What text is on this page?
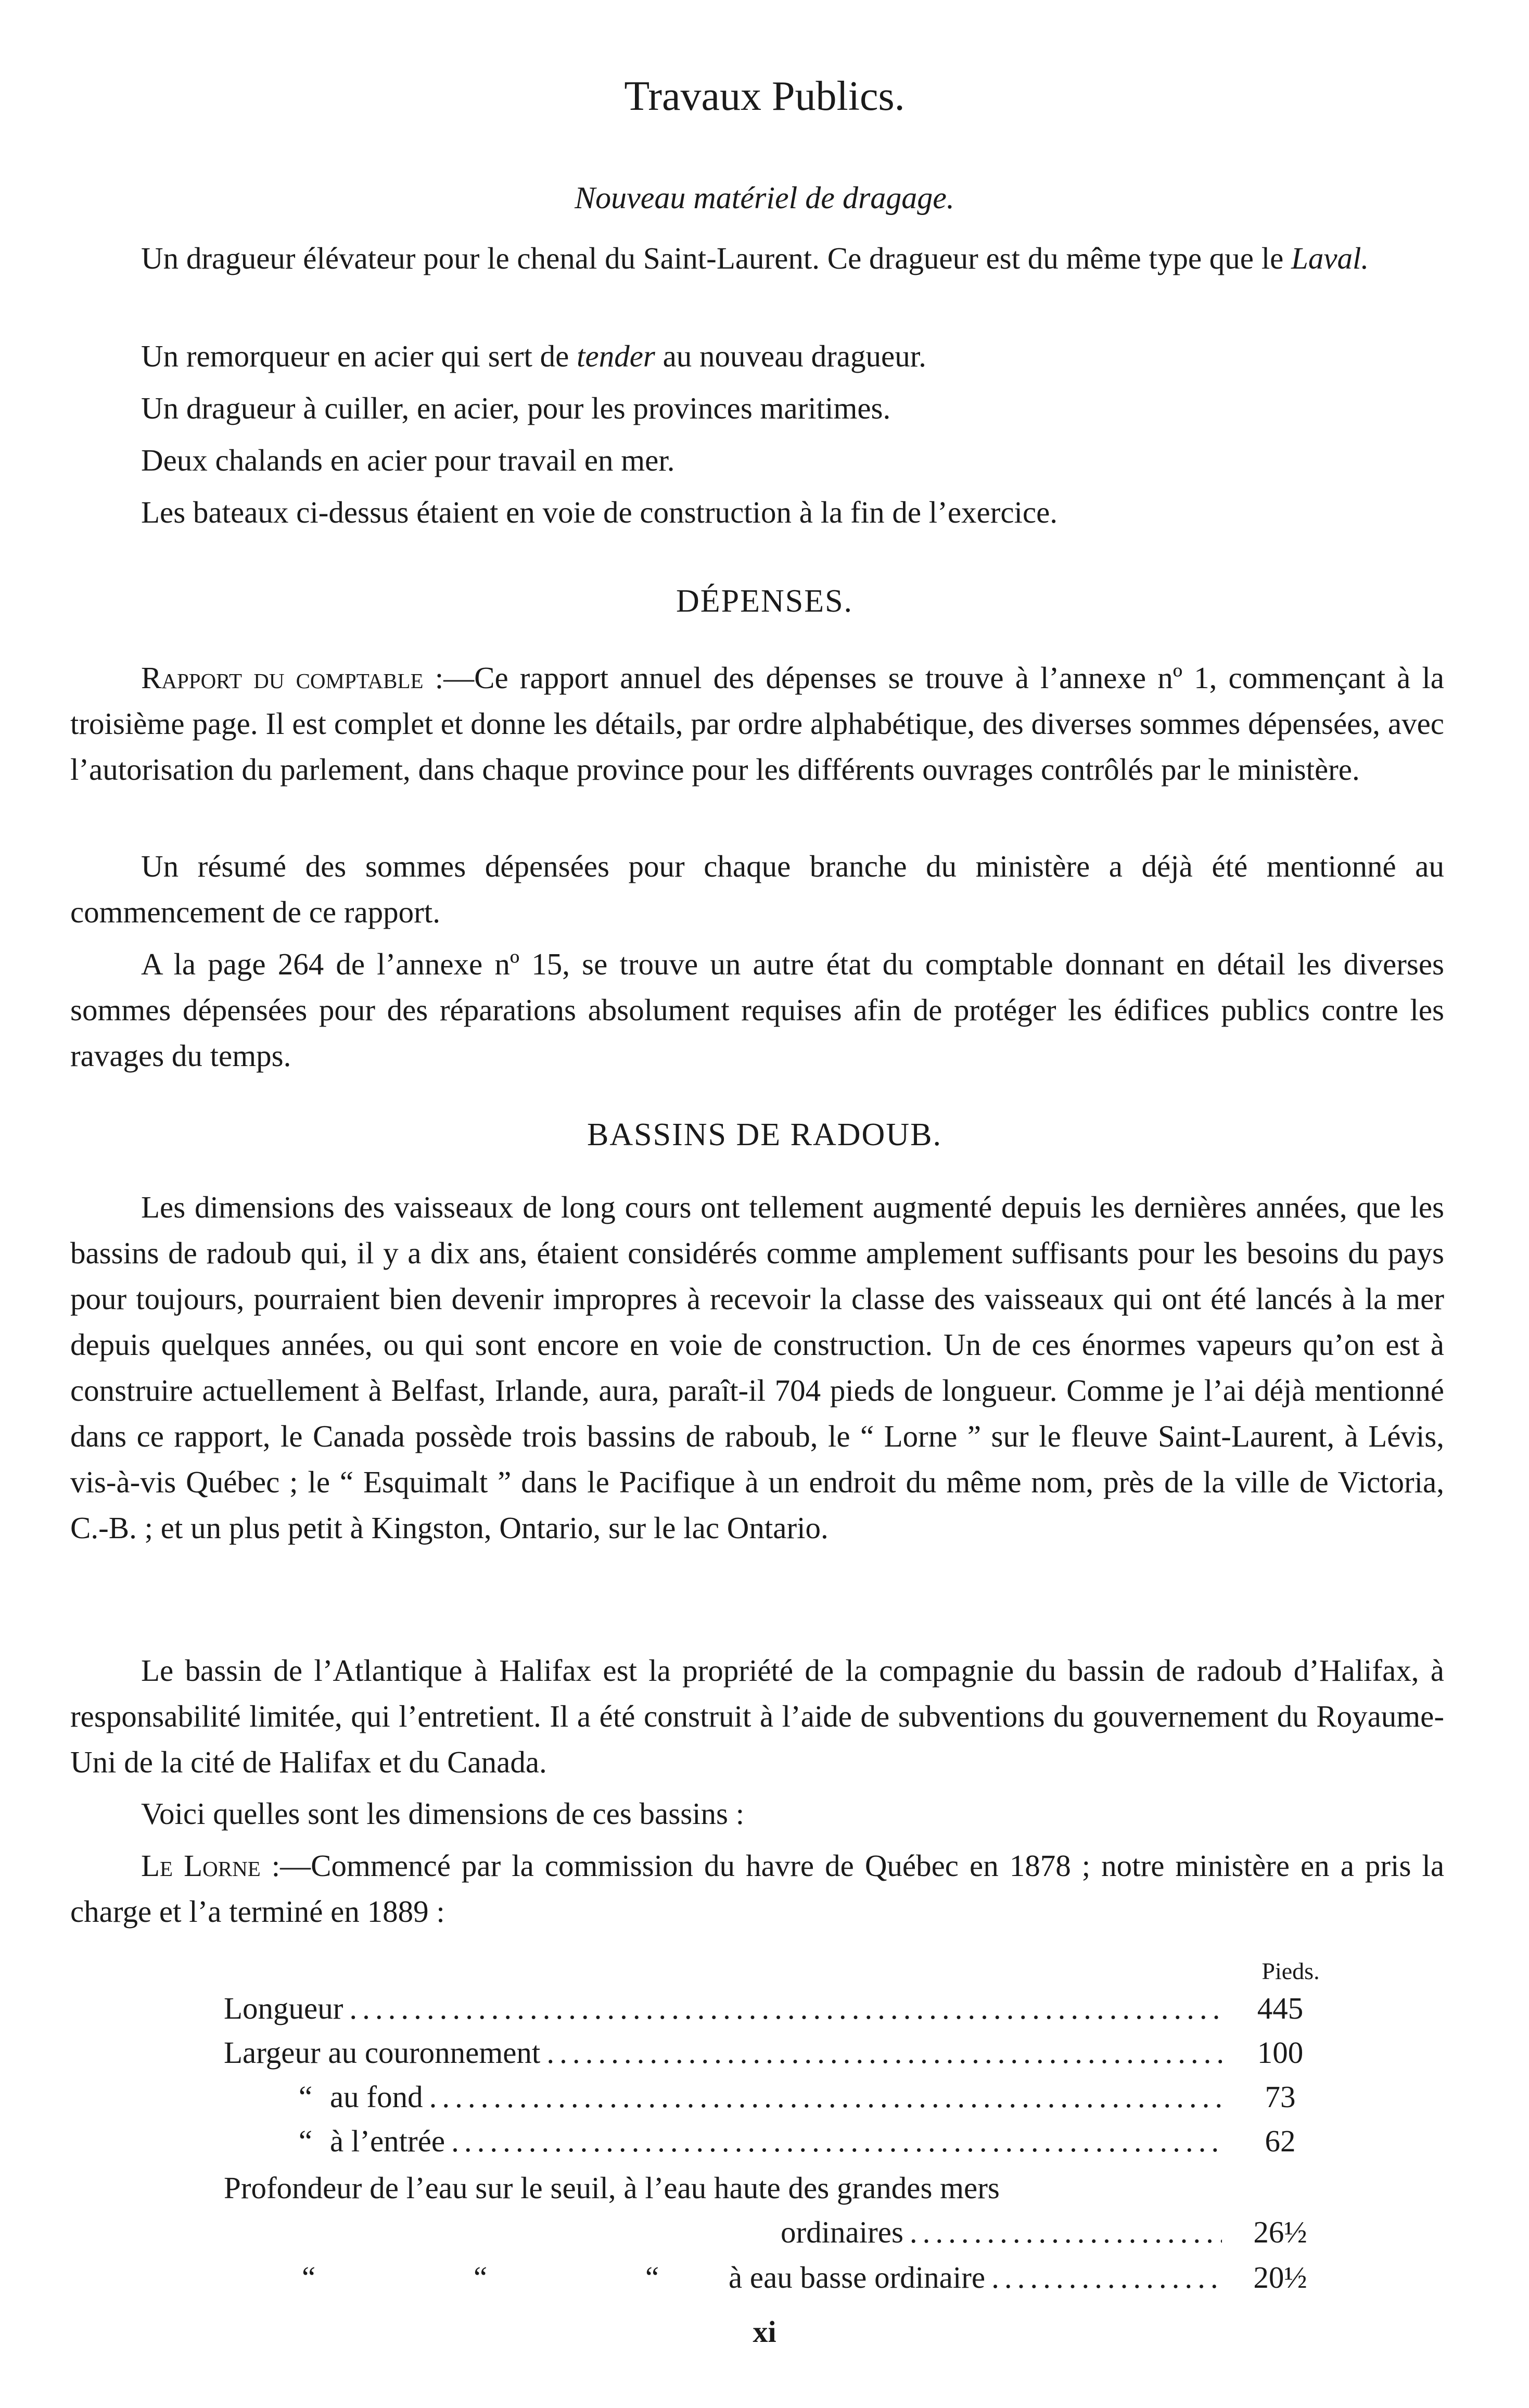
Travaux Publics.
Nouveau matériel de dragage.

Un dragueur élévateur pour le chenal du Saint-Laurent. Ce dragueur est du même type que le Laval.

Un remorqueur en acier qui sert de tender au nouveau dragueur.

Un dragueur à cuiller, en acier, pour les provinces maritimes.

Deux chalands en acier pour travail en mer.

Les bateaux ci-dessus étaient en voie de construction à la fin de l’exercice.

DÉPENSES.

Rapport du comptable :—Ce rapport annuel des dépenses se trouve à l’annexe nº 1, commençant à la troisième page. Il est complet et donne les détails, par ordre alphabétique, des diverses sommes dépensées, avec l’autorisation du parlement, dans chaque province pour les différents ouvrages contrôlés par le ministère.

Un résumé des sommes dépensées pour chaque branche du ministère a déjà été mentionné au commencement de ce rapport.

A la page 264 de l’annexe nº 15, se trouve un autre état du comptable donnant en détail les diverses sommes dépensées pour des réparations absolument requises afin de protéger les édifices publics contre les ravages du temps.

BASSINS DE RADOUB.

Les dimensions des vaisseaux de long cours ont tellement augmenté depuis les dernières années, que les bassins de radoub qui, il y a dix ans, étaient considérés comme amplement suffisants pour les besoins du pays pour toujours, pourraient bien devenir impropres à recevoir la classe des vaisseaux qui ont été lancés à la mer depuis quelques années, ou qui sont encore en voie de construction. Un de ces énormes vapeurs qu’on est à construire actuellement à Belfast, Irlande, aura, paraît-il 704 pieds de longueur. Comme je l’ai déjà mentionné dans ce rapport, le Canada possède trois bassins de raboub, le “ Lorne ” sur le fleuve Saint-Laurent, à Lévis, vis-à-vis Québec ; le “ Esquimalt ” dans le Pacifique à un endroit du même nom, près de la ville de Victoria, C.-B. ; et un plus petit à Kingston, Ontario, sur le lac Ontario.

Le bassin de l’Atlantique à Halifax est la propriété de la compagnie du bassin de radoub d’Halifax, à responsabilité limitée, qui l’entretient. Il a été construit à l’aide de subventions du gouvernement du Royaume-Uni de la cité de Halifax et du Canada.

Voici quelles sont les dimensions de ces bassins :

Le Lorne :—Commencé par la commission du havre de Québec en 1878 ; notre ministère en a pris la charge et l’a terminé en 1889 :

Pieds.
Longueur .....	445
Largeur au couronnement .....	100
“ au fond .....	73
“ à l’entrée .....	62
Profondeur de l’eau sur le seuil, à l’eau haute des grandes mers
ordinaires .....	26½
“	“	“ à eau basse ordinaire .....	20½
xi
